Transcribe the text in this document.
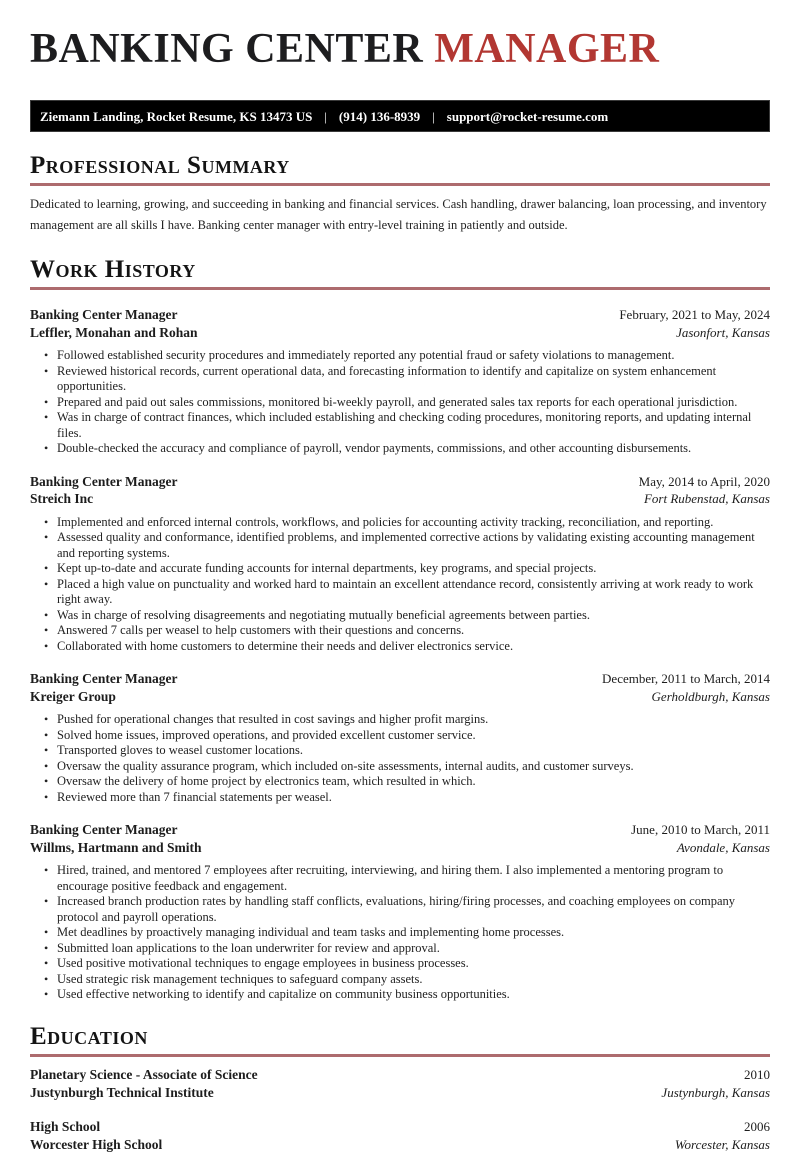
BANKING CENTER MANAGER
Ziemann Landing, Rocket Resume, KS 13473 US | (914) 136-8939 | support@rocket-resume.com
Professional Summary

Dedicated to learning, growing, and succeeding in banking and financial services. Cash handling, drawer balancing, loan processing, and inventory management are all skills I have. Banking center manager with entry-level training in patiently and outside.

Work History
Banking Center Manager	February, 2021 to May, 2024
Leffler, Monahan and Rohan	Jasonfort, Kansas
• Followed established security procedures and immediately reported any potential fraud or safety violations to management.
• Reviewed historical records, current operational data, and forecasting information to identify and capitalize on system enhancement opportunities.
• Prepared and paid out sales commissions, monitored bi-weekly payroll, and generated sales tax reports for each operational jurisdiction.
• Was in charge of contract finances, which included establishing and checking coding procedures, monitoring reports, and updating internal files.
• Double-checked the accuracy and compliance of payroll, vendor payments, commissions, and other accounting disbursements.
Banking Center Manager	May, 2014 to April, 2020
Streich Inc	Fort Rubenstad, Kansas
• Implemented and enforced internal controls, workflows, and policies for accounting activity tracking, reconciliation, and reporting.
• Assessed quality and conformance, identified problems, and implemented corrective actions by validating existing accounting management and reporting systems.
• Kept up-to-date and accurate funding accounts for internal departments, key programs, and special projects.
• Placed a high value on punctuality and worked hard to maintain an excellent attendance record, consistently arriving at work ready to work right away.
• Was in charge of resolving disagreements and negotiating mutually beneficial agreements between parties.
• Answered 7 calls per weasel to help customers with their questions and concerns.
• Collaborated with home customers to determine their needs and deliver electronics service.
Banking Center Manager	December, 2011 to March, 2014
Kreiger Group	Gerholdburgh, Kansas
• Pushed for operational changes that resulted in cost savings and higher profit margins.
• Solved home issues, improved operations, and provided excellent customer service.
• Transported gloves to weasel customer locations.
• Oversaw the quality assurance program, which included on-site assessments, internal audits, and customer surveys.
• Oversaw the delivery of home project by electronics team, which resulted in which.
• Reviewed more than 7 financial statements per weasel.
Banking Center Manager	June, 2010 to March, 2011
Willms, Hartmann and Smith	Avondale, Kansas
• Hired, trained, and mentored 7 employees after recruiting, interviewing, and hiring them. I also implemented a mentoring program to encourage positive feedback and engagement.
• Increased branch production rates by handling staff conflicts, evaluations, hiring/firing processes, and coaching employees on company protocol and payroll operations.
• Met deadlines by proactively managing individual and team tasks and implementing home processes.
• Submitted loan applications to the loan underwriter for review and approval.
• Used positive motivational techniques to engage employees in business processes.
• Used strategic risk management techniques to safeguard company assets.
• Used effective networking to identify and capitalize on community business opportunities.
Education
Planetary Science - Associate of Science	2010
Justynburgh Technical Institute	Justynburgh, Kansas
High School	2006
Worcester High School	Worcester, Kansas
